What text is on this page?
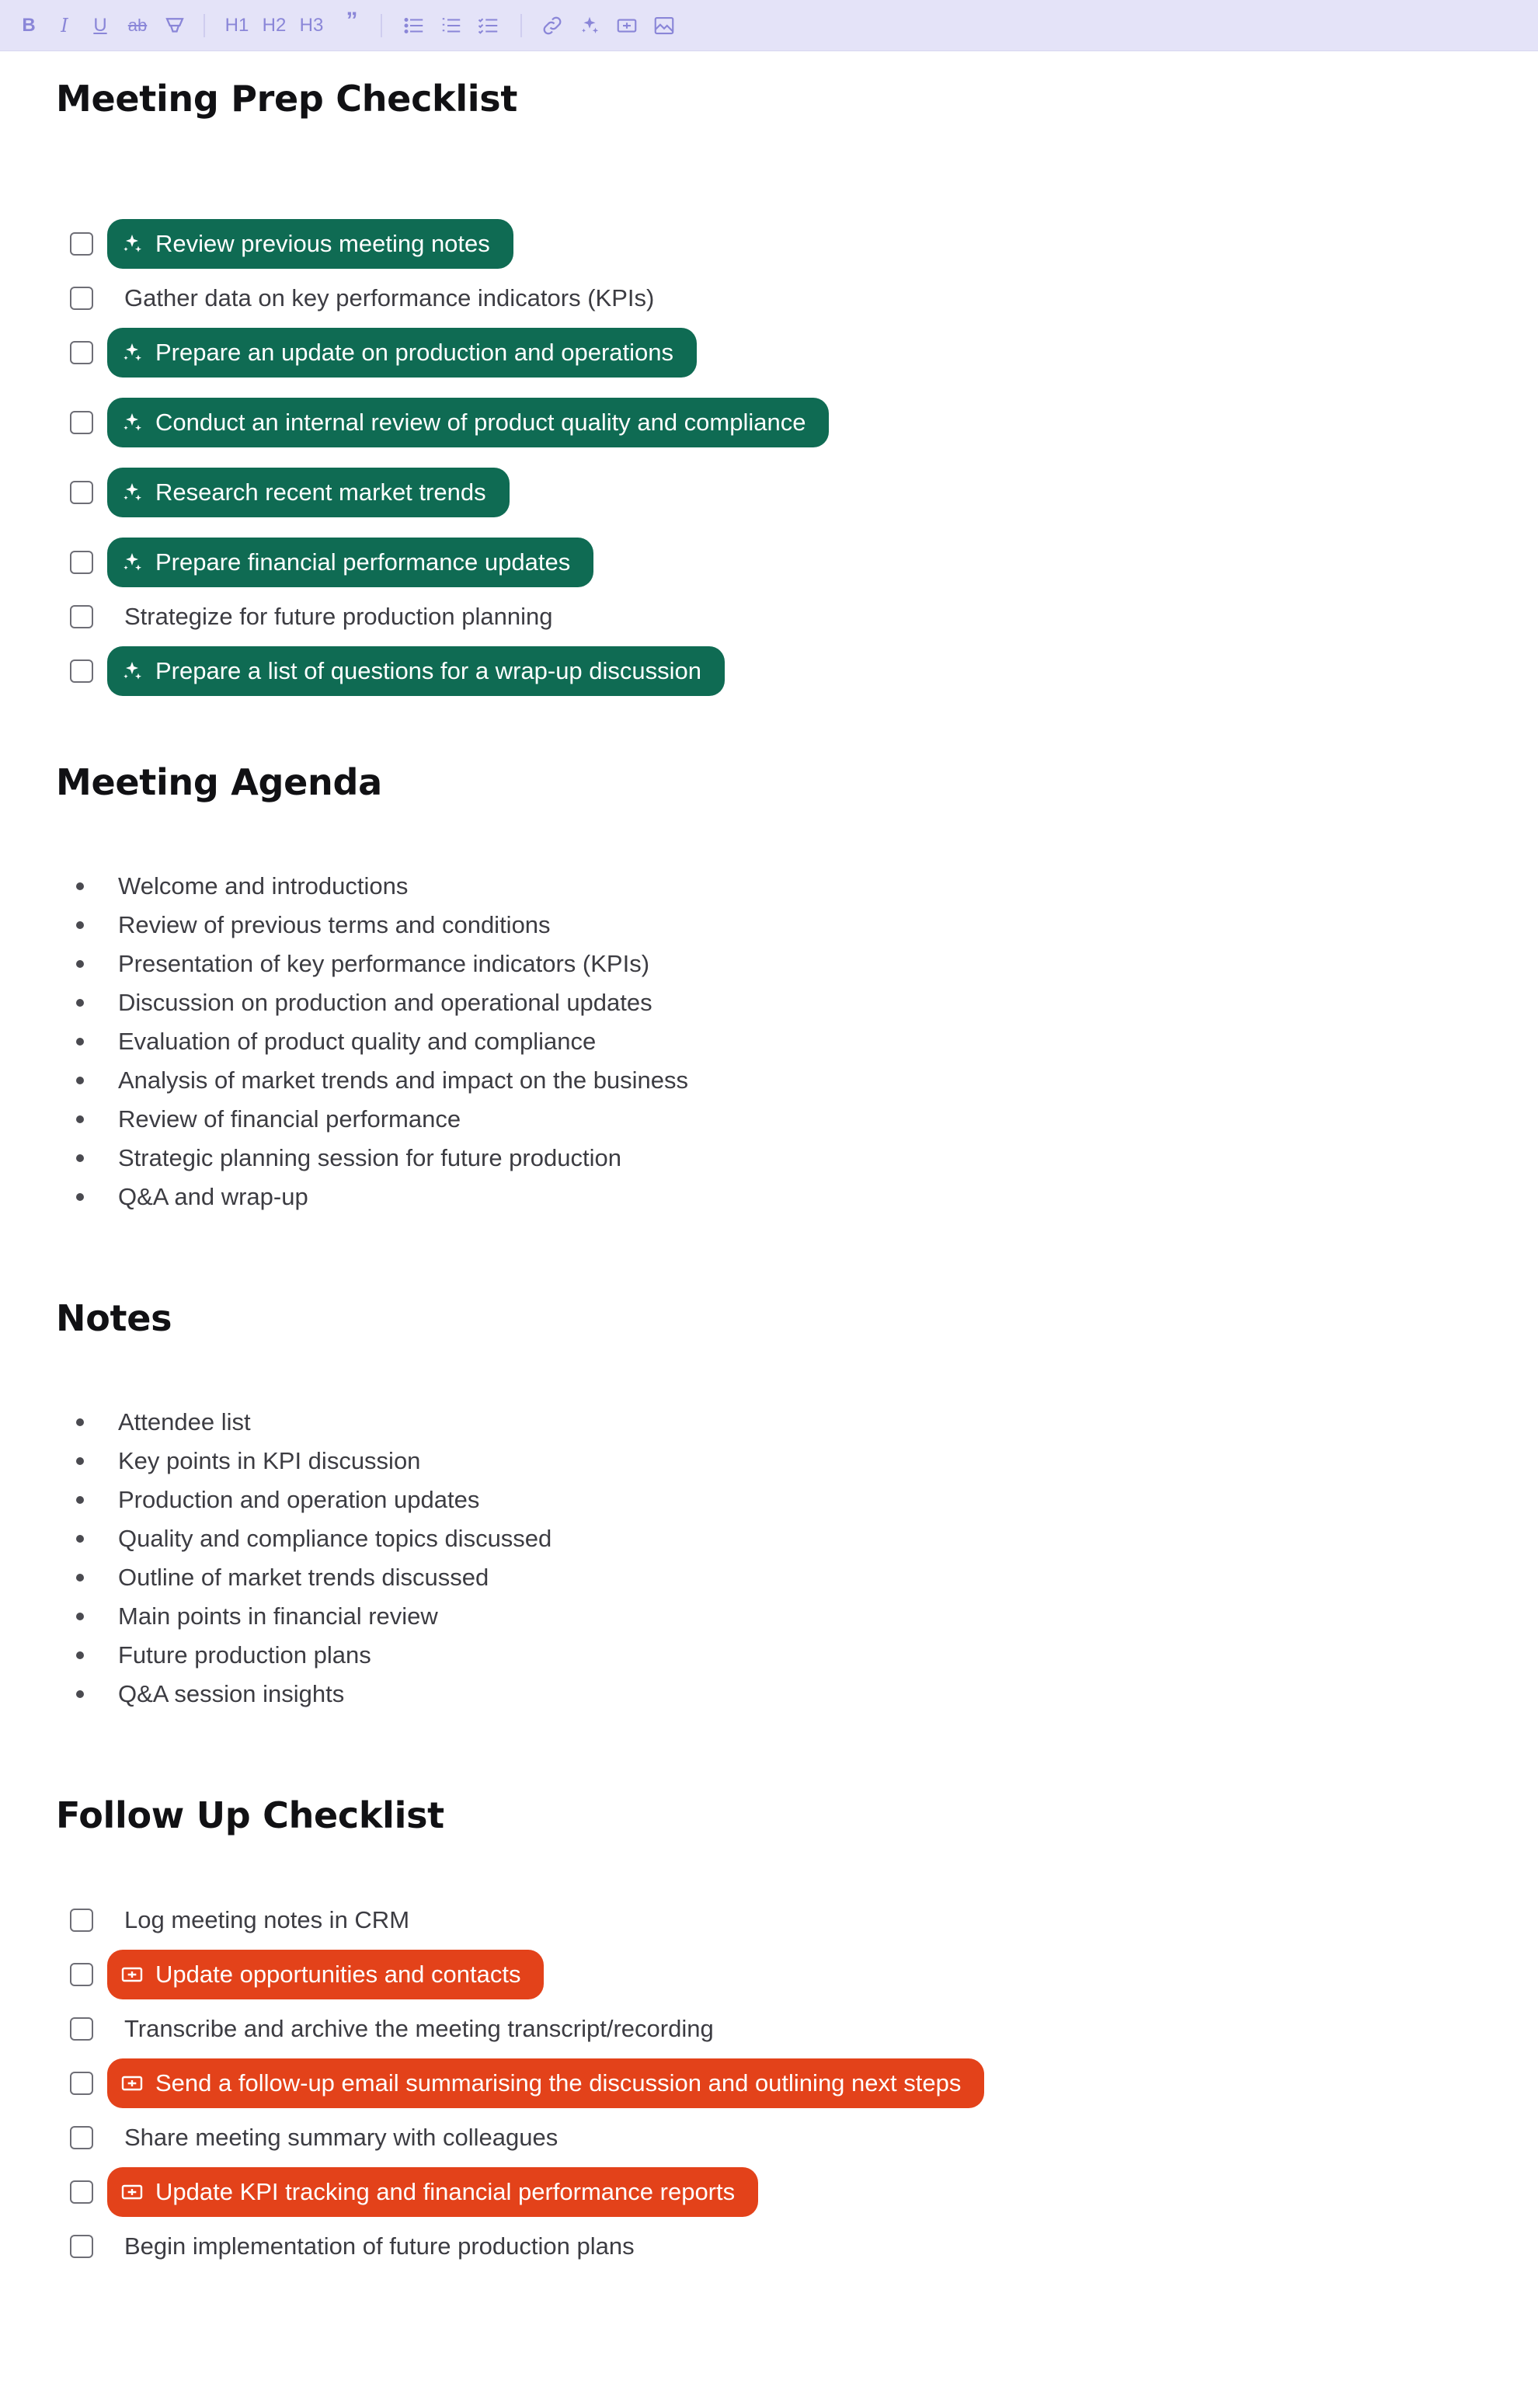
B	I	U	ab	H1 H2 H3 ”
Meeting Prep Checklist
Review previous meeting notes
Gather data on key performance indicators (KPIs)
Prepare an update on production and operations
Conduct an internal review of product quality and compliance
Research recent market trends
Prepare financial performance updates
Strategize for future production planning
Prepare a list of questions for a wrap-up discussion
Meeting Agenda
Welcome and introductions
Review of previous terms and conditions
Presentation of key performance indicators (KPIs)
Discussion on production and operational updates
Evaluation of product quality and compliance
Analysis of market trends and impact on the business
Review of financial performance
Strategic planning session for future production
Q&A and wrap-up
Notes
Attendee list
Key points in KPI discussion
Production and operation updates
Quality and compliance topics discussed
Outline of market trends discussed
Main points in financial review
Future production plans
Q&A session insights
Follow Up Checklist
Log meeting notes in CRM
Update opportunities and contacts
Transcribe and archive the meeting transcript/recording
Send a follow-up email summarising the discussion and outlining next steps
Share meeting summary with colleagues
Update KPI tracking and financial performance reports
Begin implementation of future production plans
